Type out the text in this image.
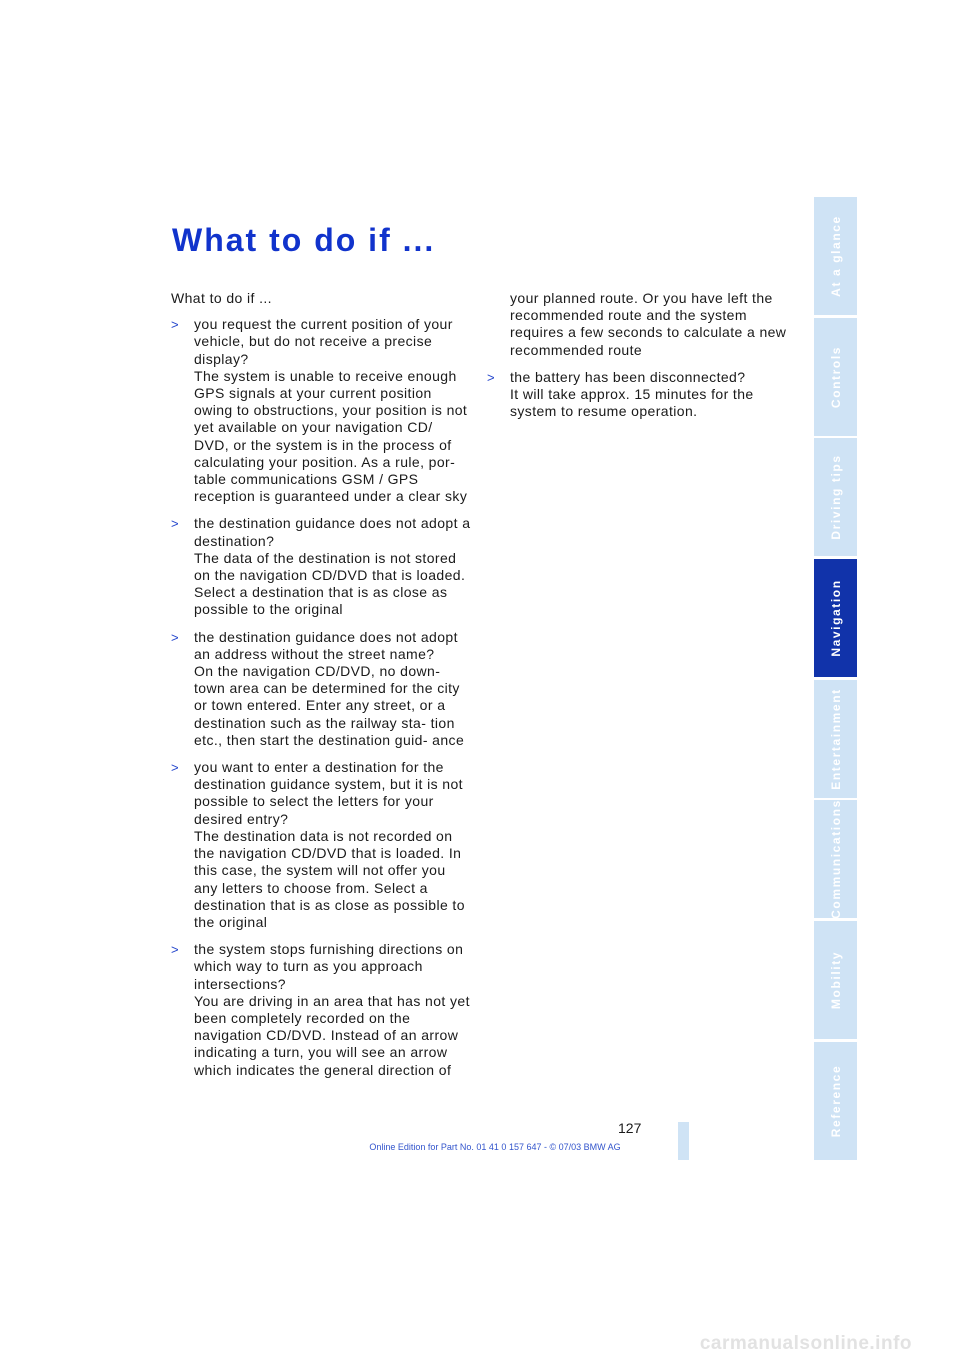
What to do if ...

What to do if ...

> you request the current position of your vehicle, but do not receive a precise display?

The system is unable to receive enough GPS signals at your current position owing to obstructions, your position is not yet available on your navigation CD/ DVD, or the system is in the process of calculating your position. As a rule, por- table communications GSM / GPS reception is guaranteed under a clear sky

> the destination guidance does not adopt a destination?

The data of the destination is not stored on the navigation CD/DVD that is loaded. Select a destination that is as close as possible to the original

> the destination guidance does not adopt an address without the street name?

On the navigation CD/DVD, no down- town area can be determined for the city or town entered. Enter any street, or a destination such as the railway sta- tion etc., then start the destination guid- ance

> you want to enter a destination for the destination guidance system, but it is not possible to select the letters for your desired entry?

The destination data is not recorded on the navigation CD/DVD that is loaded. In this case, the system will not offer you any letters to choose from. Select a destination that is as close as possible to the original

> the system stops furnishing directions on which way to turn as you approach intersections?

You are driving in an area that has not yet been completely recorded on the navigation CD/DVD. Instead of an arrow indicating a turn, you will see an arrow which indicates the general direction of

your planned route. Or you have left the recommended route and the system requires a few seconds to calculate a new recommended route

> the battery has been disconnected?

It will take approx. 15 minutes for the system to resume operation.

127
Online Edition for Part No. 01 41 0 157 647 - © 07/03 BMW AG
carmanualsonline.info
At a glance
Controls
Driving tips
Navigation
Entertainment
Communications
Mobility
Reference
